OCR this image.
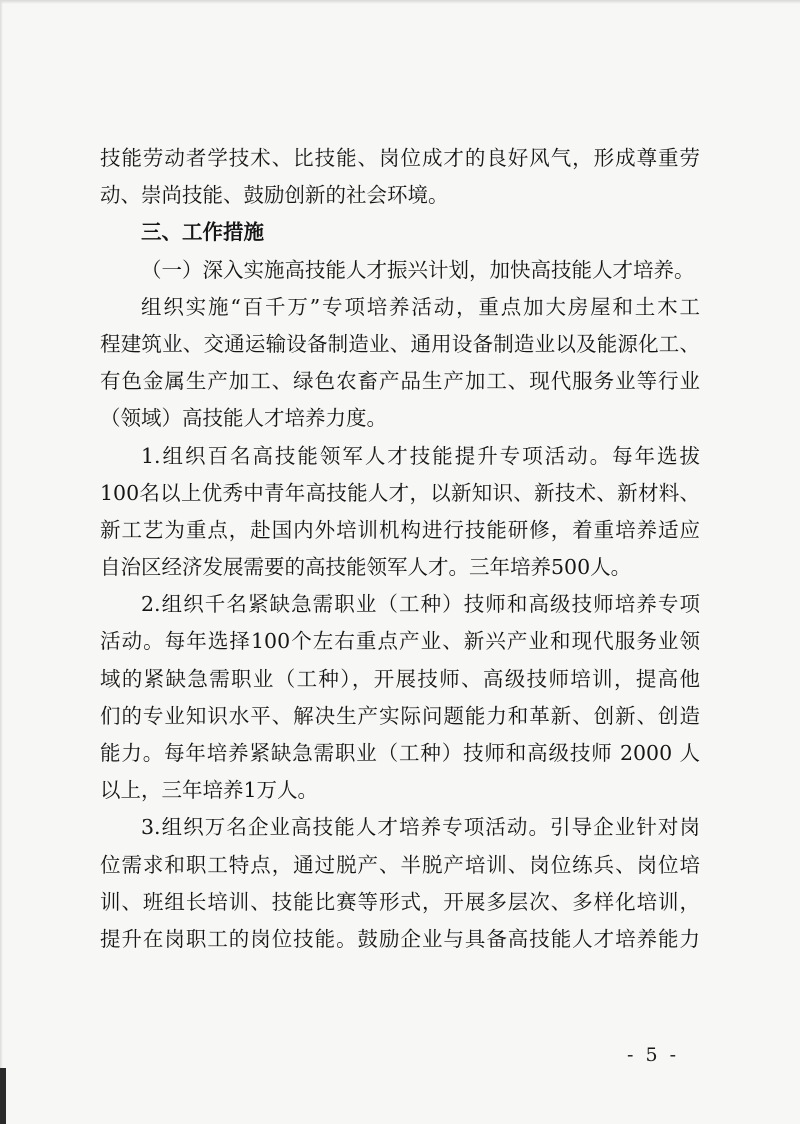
技能劳动者学技术、比技能、岗位成才的良好风气，形成尊重劳
动、崇尚技能、鼓励创新的社会环境。
三、工作措施
（一）深入实施高技能人才振兴计划，加快高技能人才培养。
组织实施“百千万”专项培养活动，重点加大房屋和土木工
程建筑业、交通运输设备制造业、通用设备制造业以及能源化工、
有色金属生产加工、绿色农畜产品生产加工、现代服务业等行业
（领域）高技能人才培养力度。
1.组织百名高技能领军人才技能提升专项活动。每年选拔
100名以上优秀中青年高技能人才，以新知识、新技术、新材料、
新工艺为重点，赴国内外培训机构进行技能研修，着重培养适应
自治区经济发展需要的高技能领军人才。三年培养500人。
2.组织千名紧缺急需职业（工种）技师和高级技师培养专项
活动。每年选择100个左右重点产业、新兴产业和现代服务业领
域的紧缺急需职业（工种），开展技师、高级技师培训，提高他
们的专业知识水平、解决生产实际问题能力和革新、创新、创造
能力。每年培养紧缺急需职业（工种）技师和高级技师 2000 人
以上，三年培养1万人。
3.组织万名企业高技能人才培养专项活动。引导企业针对岗
位需求和职工特点，通过脱产、半脱产培训、岗位练兵、岗位培
训、班组长培训、技能比赛等形式，开展多层次、多样化培训，
提升在岗职工的岗位技能。鼓励企业与具备高技能人才培养能力
- 5 -
